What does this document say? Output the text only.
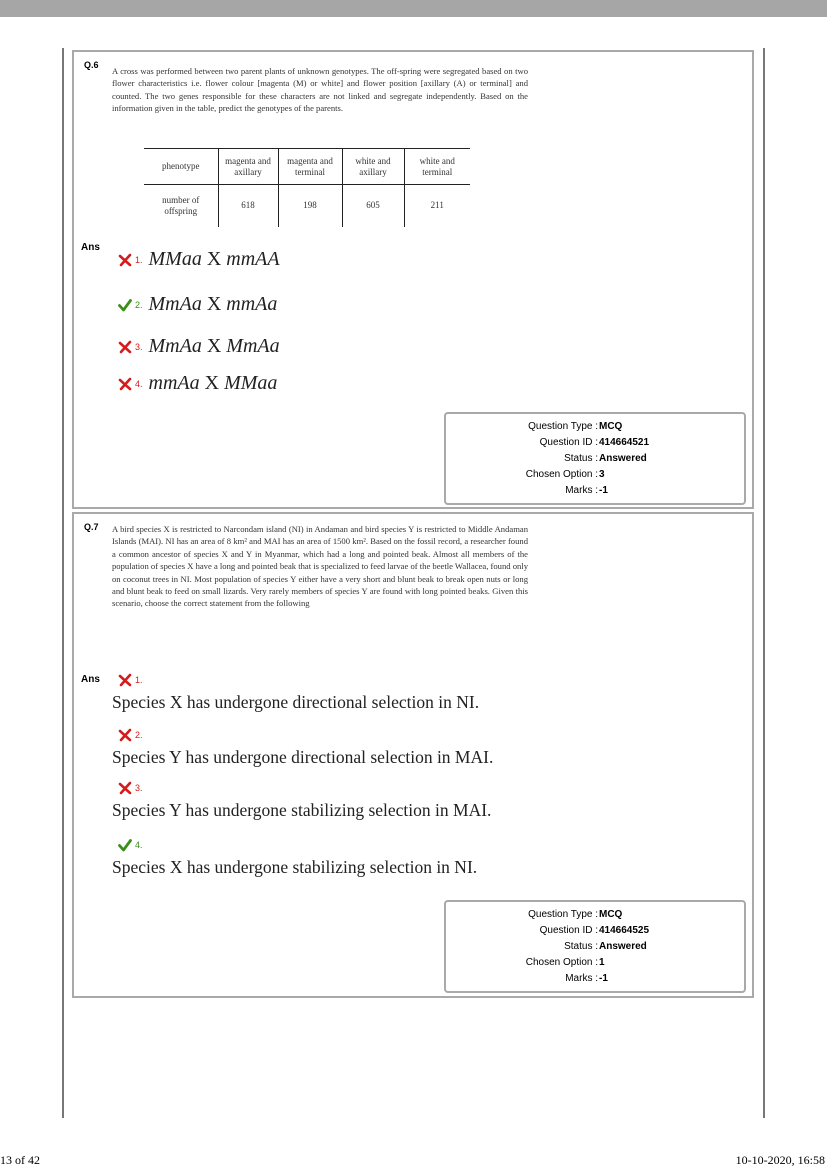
Q.6
A cross was performed between two parent plants of unknown genotypes. The off-spring were segregated based on two flower characteristics i.e. flower colour [magenta (M) or white] and flower position [axillary (A) or terminal] and counted. The two genes responsible for these characters are not linked and segregate independently. Based on the information given in the table, predict the genotypes of the parents.
phenotype	magenta and axillary	magenta and terminal	white and axillary	white and terminal
number of offspring	618	198	605	211
Ans
1. MMaa X mmAA
2. MmAa X mmAa
3. MmAa X MmAa
4. mmAa X MMaa
Question Type : MCQ
Question ID : 414664521
Status : Answered
Chosen Option : 3
Marks : -1
Q.7 A bird species X is restricted to Narcondam island (NI) in Andaman and bird species Y is restricted to Middle Andaman Islands (MAI). NI has an area of 8 km² and MAI has an area of 1500 km². Based on the fossil record, a researcher found a common ancestor of species X and Y in Myanmar, which had a long and pointed beak. Almost all members of the population of species X have a long and pointed beak that is specialized to feed larvae of the beetle Wallacea, found only on coconut trees in NI. Most population of species Y either have a very short and blunt beak to break open nuts or long and blunt beak to feed on small lizards. Very rarely members of species Y are found with long pointed beaks. Given this scenario, choose the correct statement from the following
Ans	1.
Species X has undergone directional selection in NI.
2.
Species Y has undergone directional selection in MAI.
3.
Species Y has undergone stabilizing selection in MAI.
4.
Species X has undergone stabilizing selection in NI.
Question Type : MCQ
Question ID : 414664525
Status : Answered
Chosen Option : 1
Marks : -1
13 of 42	10-10-2020, 16:58
